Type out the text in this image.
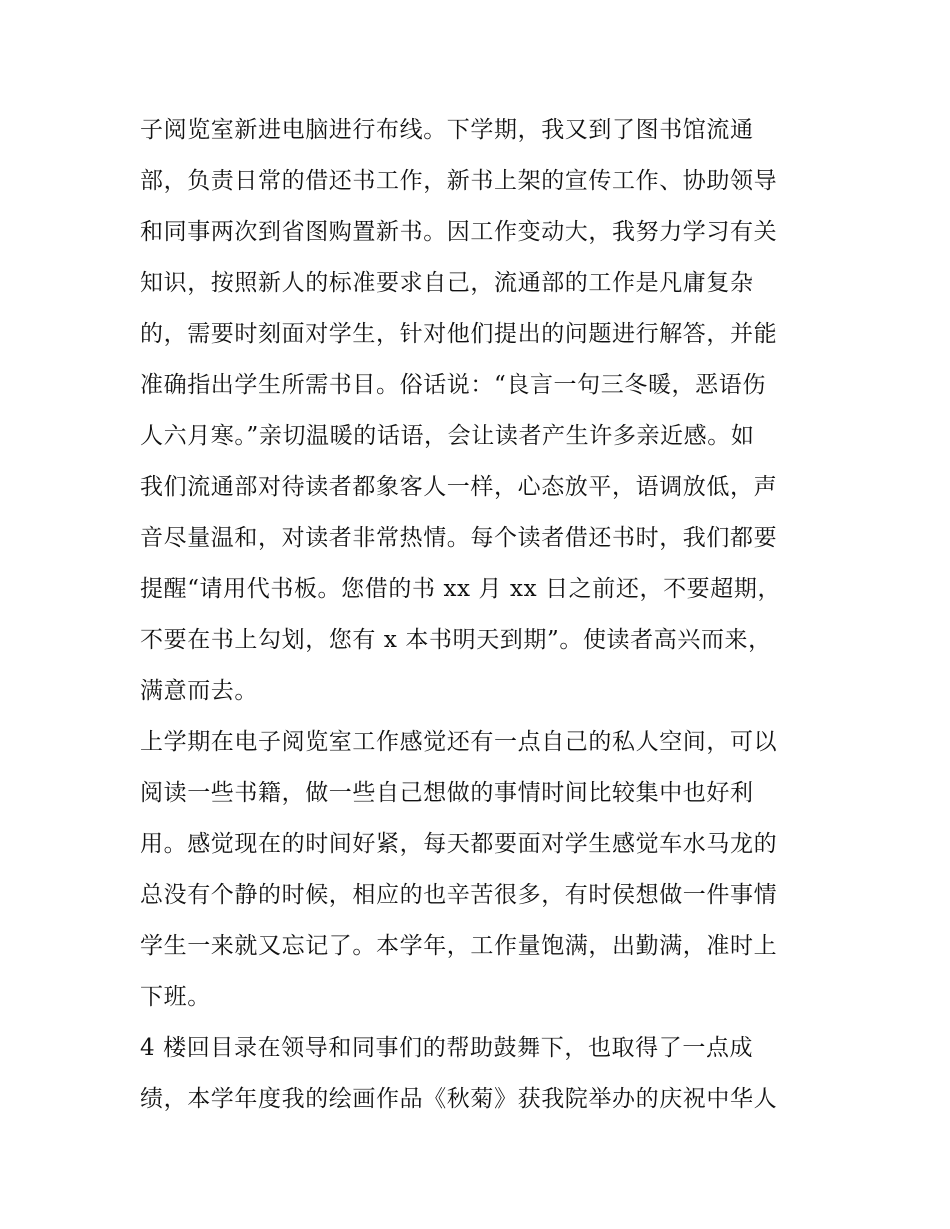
子阅览室新进电脑进行布线。下学期，我又到了图书馆流通
部，负责日常的借还书工作，新书上架的宣传工作、协助领导
和同事两次到省图购置新书。因工作变动大，我努力学习有关
知识，按照新人的标准要求自己，流通部的工作是凡庸复杂
的，需要时刻面对学生，针对他们提出的问题进行解答，并能
准确指出学生所需书目。俗话说：“良言一句三冬暖，恶语伤
人六月寒。”亲切温暖的话语，会让读者产生许多亲近感。如
我们流通部对待读者都象客人一样，心态放平，语调放低，声
音尽量温和，对读者非常热情。每个读者借还书时，我们都要
提醒“请用代书板。您借的书 xx 月 xx 日之前还，不要超期，
不要在书上勾划，您有 x 本书明天到期”。使读者高兴而来，
满意而去。
上学期在电子阅览室工作感觉还有一点自己的私人空间，可以
阅读一些书籍，做一些自己想做的事情时间比较集中也好利
用。感觉现在的时间好紧，每天都要面对学生感觉车水马龙的
总没有个静的时候，相应的也辛苦很多，有时侯想做一件事情
学生一来就又忘记了。本学年，工作量饱满，出勤满，准时上
下班。
4 楼回目录在领导和同事们的帮助鼓舞下，也取得了一点成
绩，本学年度我的绘画作品《秋菊》获我院举办的庆祝中华人
